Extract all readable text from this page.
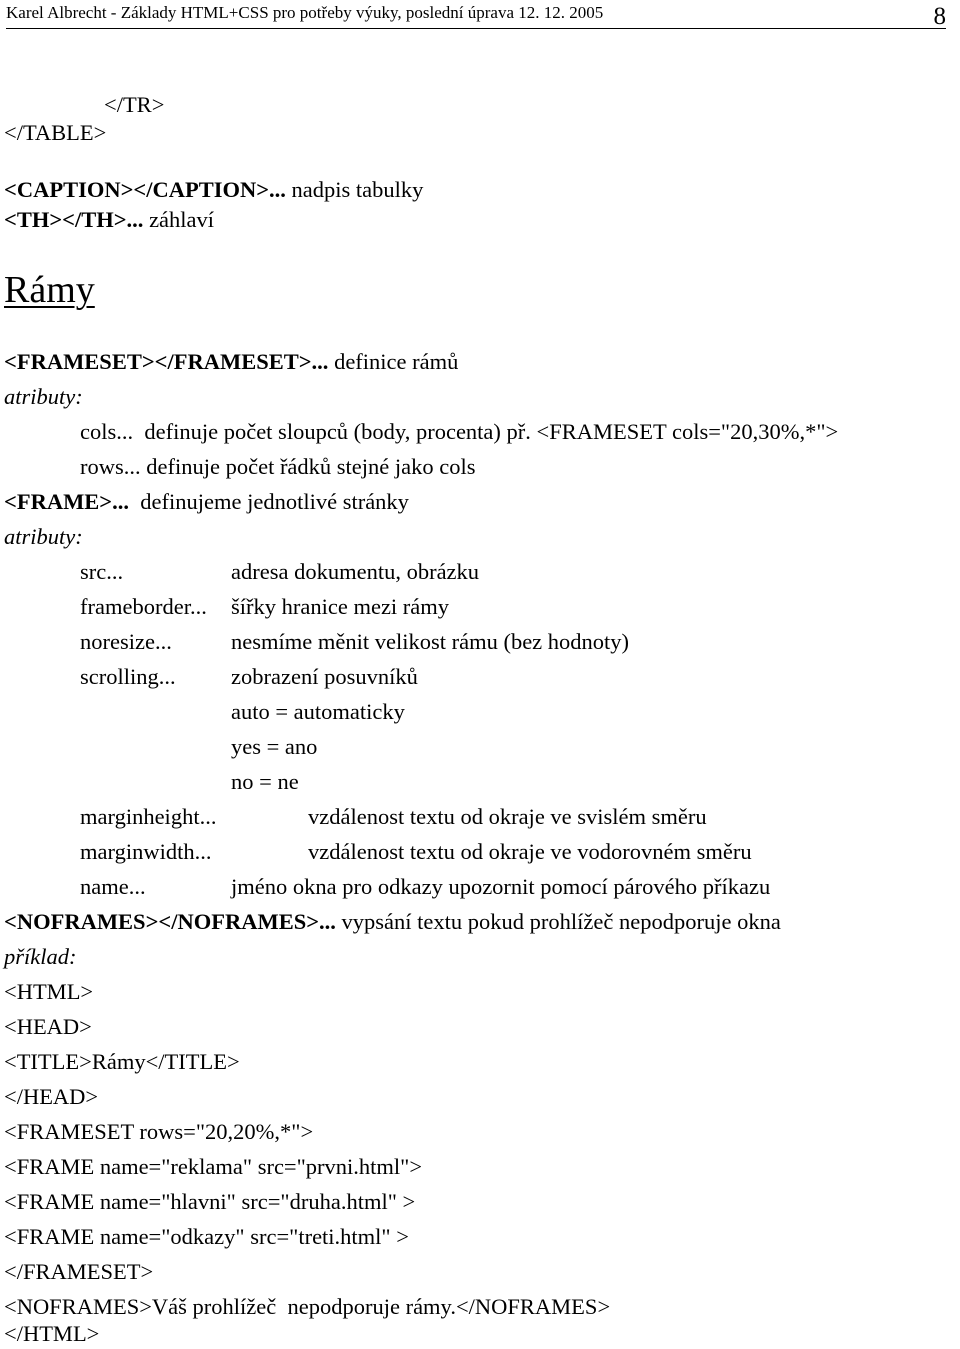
Karel Albrecht - Základy HTML+CSS pro potřeby výuky, poslední úprava 12. 12. 2005	8
</TR>
</TABLE>
<CAPTION></CAPTION>... nadpis tabulky
<TH></TH>... záhlaví
Rámy
<FRAMESET></FRAMESET>... definice rámů
atributy:
cols...  definuje počet sloupců (body, procenta) př. <FRAMESET cols="20,30%,*">
rows... definuje počet řádků stejné jako cols
<FRAME>...  definujeme jednotlivé stránky
atributy:
src...	adresa dokumentu, obrázku
frameborder... šířky hranice mezi rámy
noresize...	nesmíme měnit velikost rámu (bez hodnoty)
scrolling... zobrazení posuvníků
auto = automaticky
yes = ano
no = ne
marginheight...	vzdálenost textu od okraje ve svislém směru
marginwidth...	vzdálenost textu od okraje ve vodorovném směru
name...	jméno okna pro odkazy upozornit pomocí párového příkazu
<NOFRAMES></NOFRAMES>... vypsání textu pokud prohlížeč nepodporuje okna
příklad:
<HTML>
<HEAD>
<TITLE>Rámy</TITLE>
</HEAD>
<FRAMESET rows="20,20%,*">
<FRAME name="reklama" src="prvni.html">
<FRAME name="hlavni" src="druha.html" >
<FRAME name="odkazy" src="treti.html" >
</FRAMESET>
<NOFRAMES>Váš prohlížeč  nepodporuje rámy.</NOFRAMES>
</HTML>
